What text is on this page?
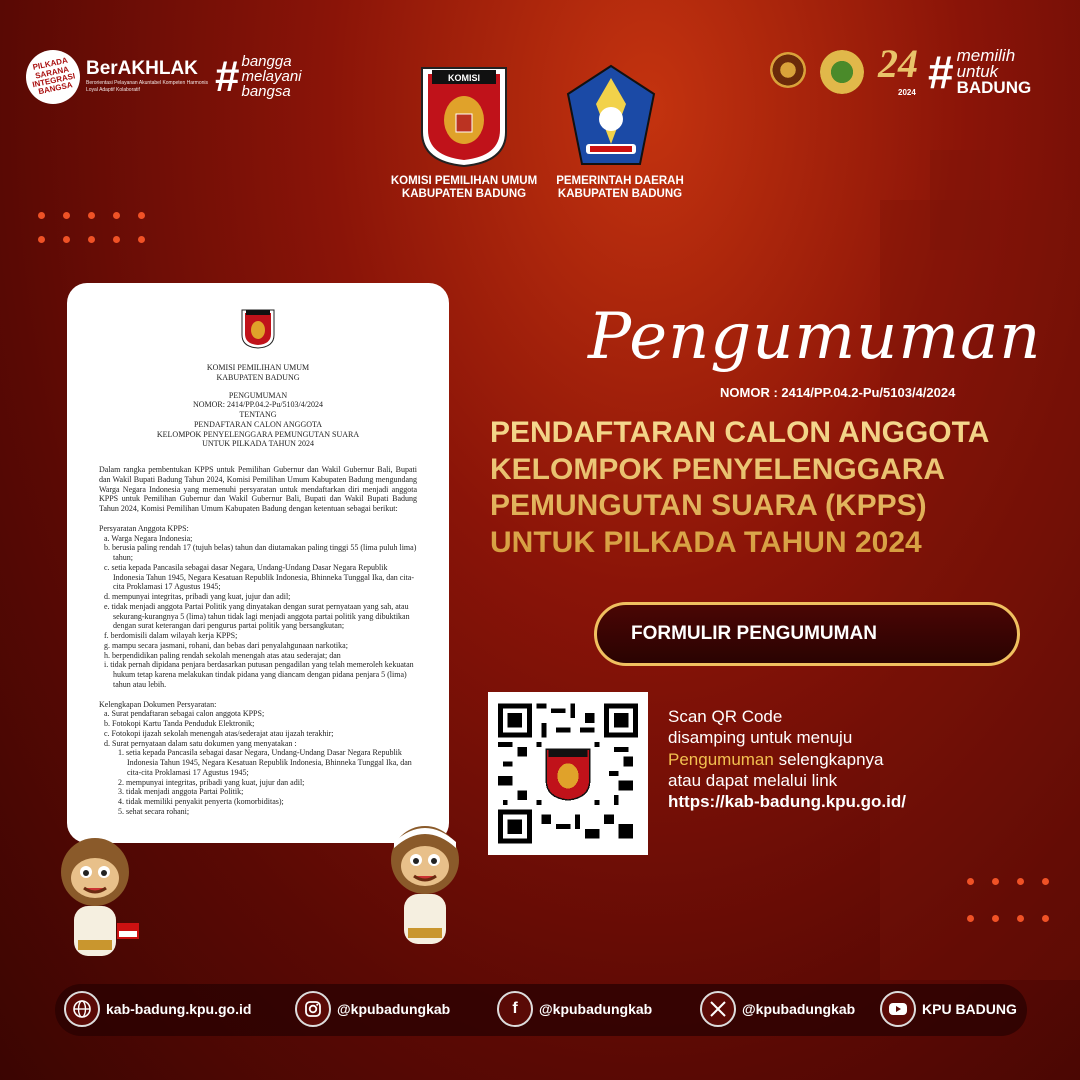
PILKADA SARANA INTEGRASI BANGSA
BerAKHLAK
Berorientasi Pelayanan Akuntabel Kompeten Harmonis Loyal Adaptif Kolaboratif	# bangga
melayani
bangsa
KOMISI
KOMISI PEMILIHAN UMUM
KABUPATEN BADUNG
PEMERINTAH DAERAH
KABUPATEN BADUNG
24
2024 # memilih
untuk
BADUNG
KOMISI PEMILIHAN UMUM
KABUPATEN BADUNG
PENGUMUMAN
NOMOR: 2414/PP.04.2-Pu/5103/4/2024
TENTANG
PENDAFTARAN CALON ANGGOTA
KELOMPOK PENYELENGGARA PEMUNGUTAN SUARA
UNTUK PILKADA TAHUN 2024

Dalam rangka pembentukan KPPS untuk Pemilihan Gubernur dan Wakil Gubernur Bali, Bupati dan Wakil Bupati Badung Tahun 2024, Komisi Pemilihan Umum Kabupaten Badung mengundang Warga Negara Indonesia yang memenuhi persyaratan untuk mendaftarkan diri menjadi anggota KPPS untuk Pemilihan Gubernur dan Wakil Gubernur Bali, Bupati dan Wakil Bupati Badung Tahun 2024, Komisi Pemilihan Umum Kabupaten Badung dengan ketentuan sebagai berikut:

Persyaratan Anggota KPPS:
a. Warga Negara Indonesia;
b. berusia paling rendah 17 (tujuh belas) tahun dan diutamakan paling tinggi 55 (lima puluh lima) tahun;
c. setia kepada Pancasila sebagai dasar Negara, Undang-Undang Dasar Negara Republik Indonesia Tahun 1945, Negara Kesatuan Republik Indonesia, Bhinneka Tunggal Ika, dan cita-cita Proklamasi 17 Agustus 1945;
d. mempunyai integritas, pribadi yang kuat, jujur dan adil;
e. tidak menjadi anggota Partai Politik yang dinyatakan dengan surat pernyataan yang sah, atau sekurang-kurangnya 5 (lima) tahun tidak lagi menjadi anggota partai politik yang dibuktikan dengan surat keterangan dari pengurus partai politik yang bersangkutan;
f. berdomisili dalam wilayah kerja KPPS;
g. mampu secara jasmani, rohani, dan bebas dari penyalahgunaan narkotika;
h. berpendidikan paling rendah sekolah menengah atas atau sederajat; dan
i. tidak pernah dipidana penjara berdasarkan putusan pengadilan yang telah memeroleh kekuatan hukum tetap karena melakukan tindak pidana yang diancam dengan pidana penjara 5 (lima) tahun atau lebih.
Kelengkapan Dokumen Persyaratan:
a. Surat pendaftaran sebagai calon anggota KPPS;
b. Fotokopi Kartu Tanda Penduduk Elektronik;
c. Fotokopi ijazah sekolah menengah atas/sederajat atau ijazah terakhir;
d. Surat pernyataan dalam satu dokumen yang menyatakan :
1. setia kepada Pancasila sebagai dasar Negara, Undang-Undang Dasar Negara Republik Indonesia Tahun 1945, Negara Kesatuan Republik Indonesia, Bhinneka Tunggal Ika, dan cita-cita Proklamasi 17 Agustus 1945;
2. mempunyai integritas, pribadi yang kuat, jujur dan adil;
3. tidak menjadi anggota Partai Politik;
4. tidak memiliki penyakit penyerta (komorbiditas);
5. sehat secara rohani;
Pengumuman
NOMOR : 2414/PP.04.2-Pu/5103/4/2024
PENDAFTARAN CALON ANGGOTA
KELOMPOK PENYELENGGARA
PEMUNGUTAN SUARA (KPPS)
UNTUK PILKADA TAHUN 2024
FORMULIR PENGUMUMAN
Scan QR Code
disamping untuk menuju
Pengumuman selengkapnya
atau dapat melalui link
https://kab-badung.kpu.go.id/
kab-badung.kpu.go.id	@kpubadungkab	f	@kpubadungkab	@kpubadungkab	KPU BADUNG
